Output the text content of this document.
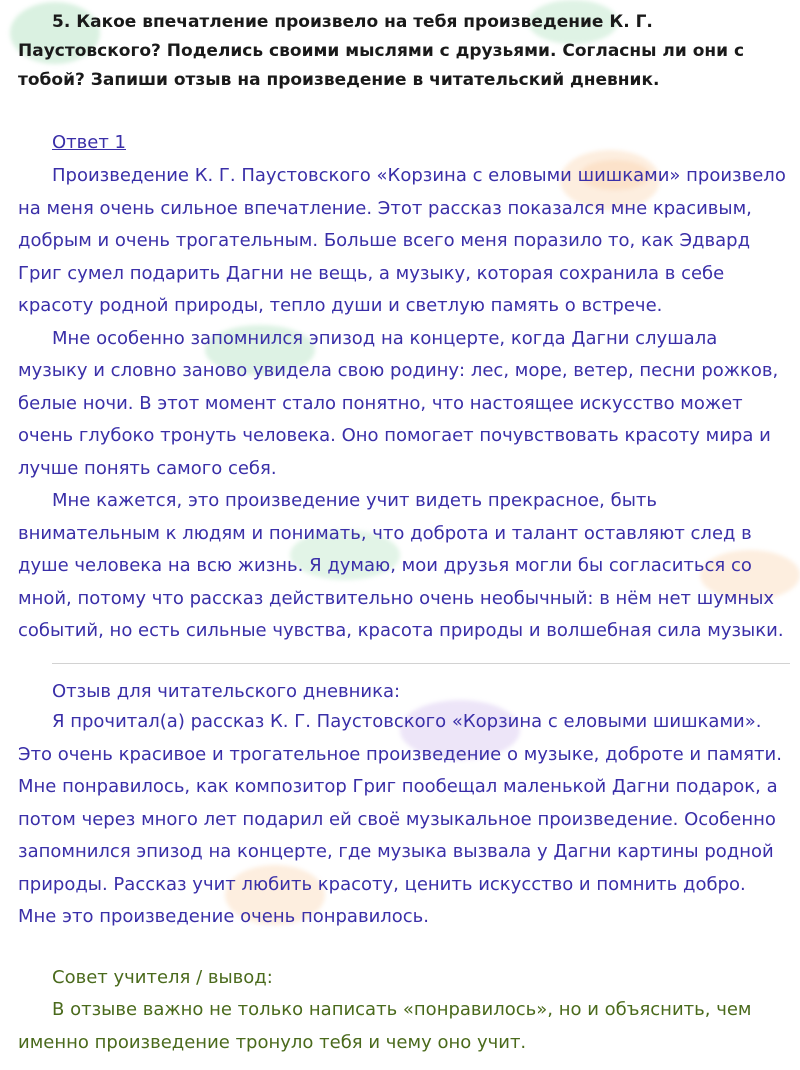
5. Какое впечатление произвело на тебя произведение К. Г. Паустовского? Поделись своими мыслями с друзьями. Согласны ли они с тобой? Запиши отзыв на произведение в читательский дневник.

Ответ 1

Произведение К. Г. Паустовского «Корзина с еловыми шишками» произвело на меня очень сильное впечатление. Этот рассказ показался мне красивым, добрым и очень трогательным. Больше всего меня поразило то, как Эдвард Григ сумел подарить Дагни не вещь, а музыку, которая сохранила в себе красоту родной природы, тепло души и светлую память о встрече.

Мне особенно запомнился эпизод на концерте, когда Дагни слушала музыку и словно заново увидела свою родину: лес, море, ветер, песни рожков, белые ночи. В этот момент стало понятно, что настоящее искусство может очень глубоко тронуть человека. Оно помогает почувствовать красоту мира и лучше понять самого себя.

Мне кажется, это произведение учит видеть прекрасное, быть внимательным к людям и понимать, что доброта и талант оставляют след в душе человека на всю жизнь. Я думаю, мои друзья могли бы согласиться со мной, потому что рассказ действительно очень необычный: в нём нет шумных событий, но есть сильные чувства, красота природы и волшебная сила музыки.

Отзыв для читательского дневника:

Я прочитал(а) рассказ К. Г. Паустовского «Корзина с еловыми шишками». Это очень красивое и трогательное произведение о музыке, доброте и памяти. Мне понравилось, как композитор Григ пообещал маленькой Дагни подарок, а потом через много лет подарил ей своё музыкальное произведение. Особенно запомнился эпизод на концерте, где музыка вызвала у Дагни картины родной природы. Рассказ учит любить красоту, ценить искусство и помнить добро. Мне это произведение очень понравилось.

Совет учителя / вывод:

В отзыве важно не только написать «понравилось», но и объяснить, чем именно произведение тронуло тебя и чему оно учит.
